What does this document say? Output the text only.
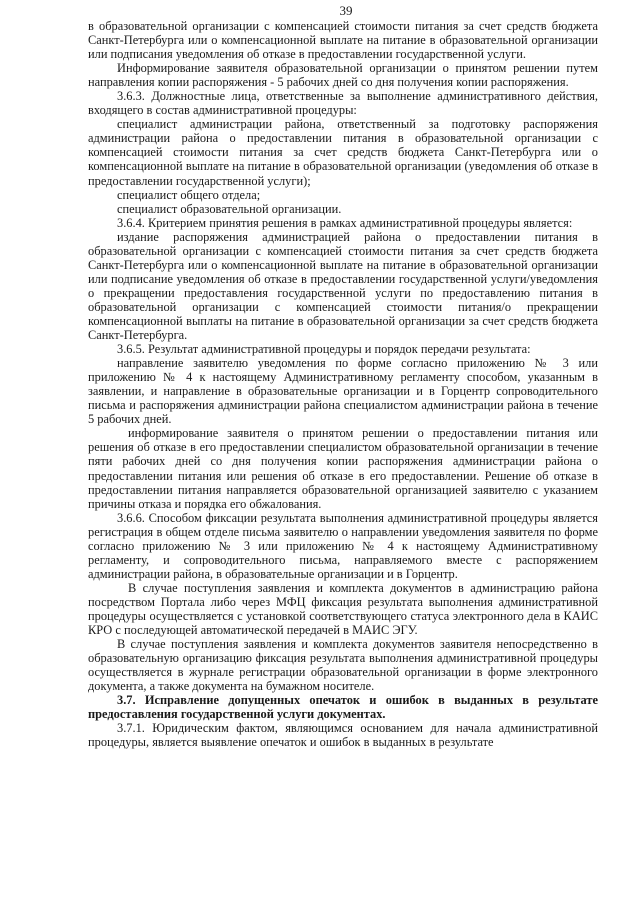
39

в образовательной организации с компенсацией стоимости питания за счет средств бюджета Санкт-Петербурга или о компенсационной выплате на питание в образовательной организации или подписания уведомления об отказе в предоставлении государственной услуги.

Информирование заявителя образовательной организации о принятом решении путем направления копии распоряжения - 5 рабочих дней со дня получения копии распоряжения.

3.6.3. Должностные лица, ответственные за выполнение административного действия, входящего в состав административной процедуры:

специалист администрации района, ответственный за подготовку распоряжения администрации района о предоставлении питания в образовательной организации с компенсацией стоимости питания за счет средств бюджета Санкт-Петербурга или о компенсационной выплате на питание в образовательной организации (уведомления об отказе в предоставлении государственной услуги);

специалист общего отдела;

специалист образовательной организации.

3.6.4. Критерием принятия решения в рамках административной процедуры является:

издание распоряжения администрацией района о предоставлении питания в образовательной организации с компенсацией стоимости питания за счет средств бюджета Санкт-Петербурга или о компенсационной выплате на питание в образовательной организации или подписание уведомления об отказе в предоставлении государственной услуги/уведомления о прекращении предоставления государственной услуги по предоставлению питания в образовательной организации с компенсацией стоимости питания/о прекращении компенсационной выплаты на питание в образовательной организации за счет средств бюджета Санкт-Петербурга.

3.6.5. Результат административной процедуры и порядок передачи результата:

направление заявителю уведомления по форме согласно приложению № 3 или приложению № 4 к настоящему Административному регламенту способом, указанным в заявлении, и направление в образовательные организации и в Горцентр сопроводительного письма и распоряжения администрации района специалистом администрации района в течение 5 рабочих дней.

информирование заявителя о принятом решении о предоставлении питания или решения об отказе в его предоставлении специалистом образовательной организации в течение пяти рабочих дней со дня получения копии распоряжения администрации района о предоставлении питания или решения об отказе в его предоставлении. Решение об отказе в предоставлении питания направляется образовательной организацией заявителю с указанием причины отказа и порядка его обжалования.

3.6.6. Способом фиксации результата выполнения административной процедуры является регистрация в общем отделе письма заявителю о направлении уведомления заявителя по форме согласно приложению № 3 или приложению № 4 к настоящему Административному регламенту, и сопроводительного письма, направляемого вместе с распоряжением администрации района, в образовательные организации и в Горцентр.

В случае поступления заявления и комплекта документов в администрацию района посредством Портала либо через МФЦ фиксация результата выполнения административной процедуры осуществляется с установкой соответствующего статуса электронного дела в КАИС КРО с последующей автоматической передачей в МАИС ЭГУ.

В случае поступления заявления и комплекта документов заявителя непосредственно в образовательную организацию фиксация результата выполнения административной процедуры осуществляется в журнале регистрации образовательной организации в форме электронного документа, а также документа на бумажном носителе.

3.7. Исправление допущенных опечаток и ошибок в выданных в результате предоставления государственной услуги документах.

3.7.1. Юридическим фактом, являющимся основанием для начала административной процедуры, является выявление опечаток и ошибок в выданных в результате
